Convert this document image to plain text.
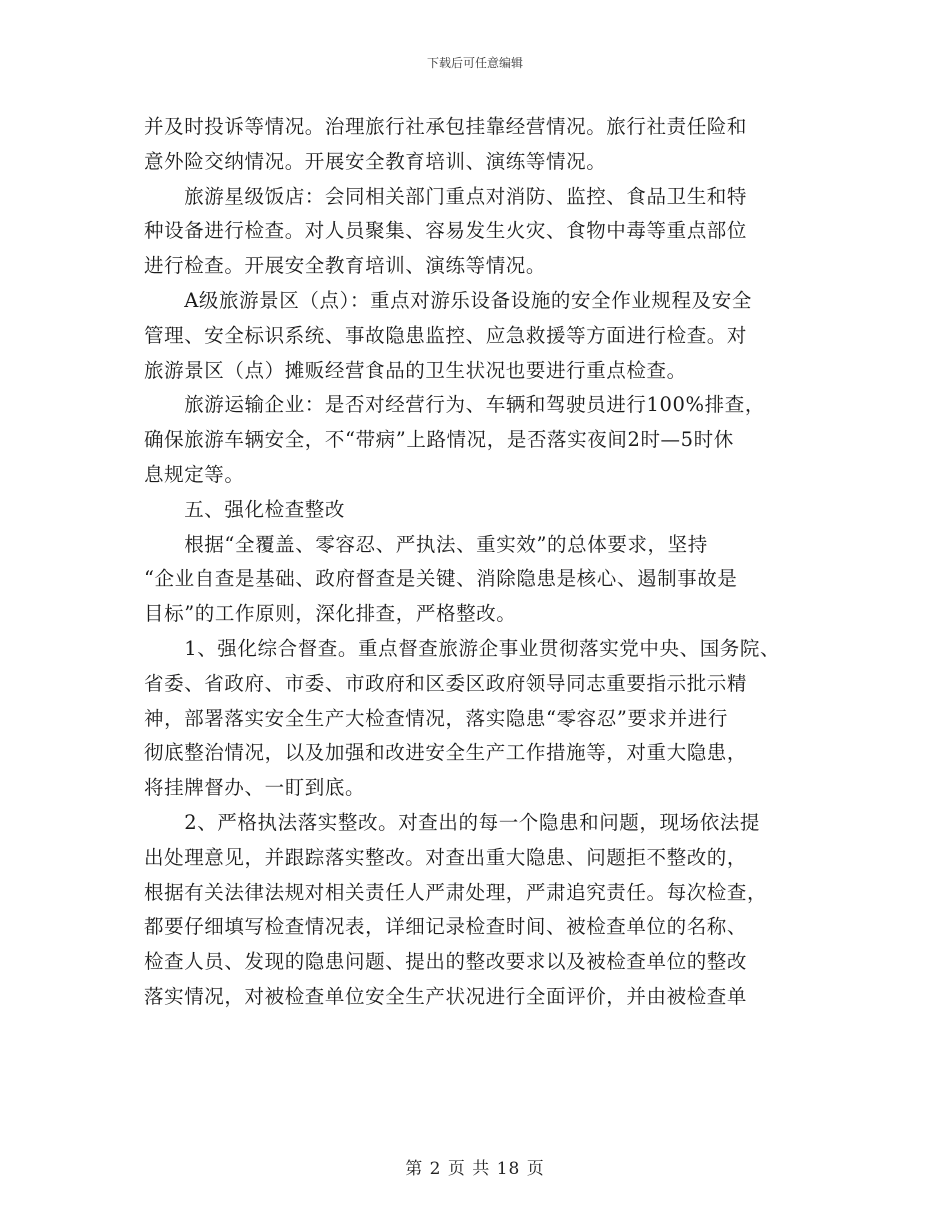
下载后可任意编辑
并及时投诉等情况。治理旅行社承包挂靠经营情况。旅行社责任险和
意外险交纳情况。开展安全教育培训、演练等情况。
　　旅游星级饭店：会同相关部门重点对消防、监控、食品卫生和特
种设备进行检查。对人员聚集、容易发生火灾、食物中毒等重点部位
进行检查。开展安全教育培训、演练等情况。
　　A级旅游景区（点）：重点对游乐设备设施的安全作业规程及安全
管理、安全标识系统、事故隐患监控、应急救援等方面进行检查。对
旅游景区（点）摊贩经营食品的卫生状况也要进行重点检查。
　　旅游运输企业：是否对经营行为、车辆和驾驶员进行100%排查，
确保旅游车辆安全，不“带病”上路情况，是否落实夜间2时—5时休
息规定等。
　　五、强化检查整改
　　根据“全覆盖、零容忍、严执法、重实效”的总体要求，坚持
“企业自查是基础、政府督查是关键、消除隐患是核心、遏制事故是
目标”的工作原则，深化排查，严格整改。
　　1、强化综合督查。重点督查旅游企事业贯彻落实党中央、国务院、
省委、省政府、市委、市政府和区委区政府领导同志重要指示批示精
神，部署落实安全生产大检查情况，落实隐患“零容忍”要求并进行
彻底整治情况，以及加强和改进安全生产工作措施等，对重大隐患，
将挂牌督办、一盯到底。
　　2、严格执法落实整改。对查出的每一个隐患和问题，现场依法提
出处理意见，并跟踪落实整改。对查出重大隐患、问题拒不整改的，
根据有关法律法规对相关责任人严肃处理，严肃追究责任。每次检查，
都要仔细填写检查情况表，详细记录检查时间、被检查单位的名称、
检查人员、发现的隐患问题、提出的整改要求以及被检查单位的整改
落实情况，对被检查单位安全生产状况进行全面评价，并由被检查单
第 2 页 共 18 页
